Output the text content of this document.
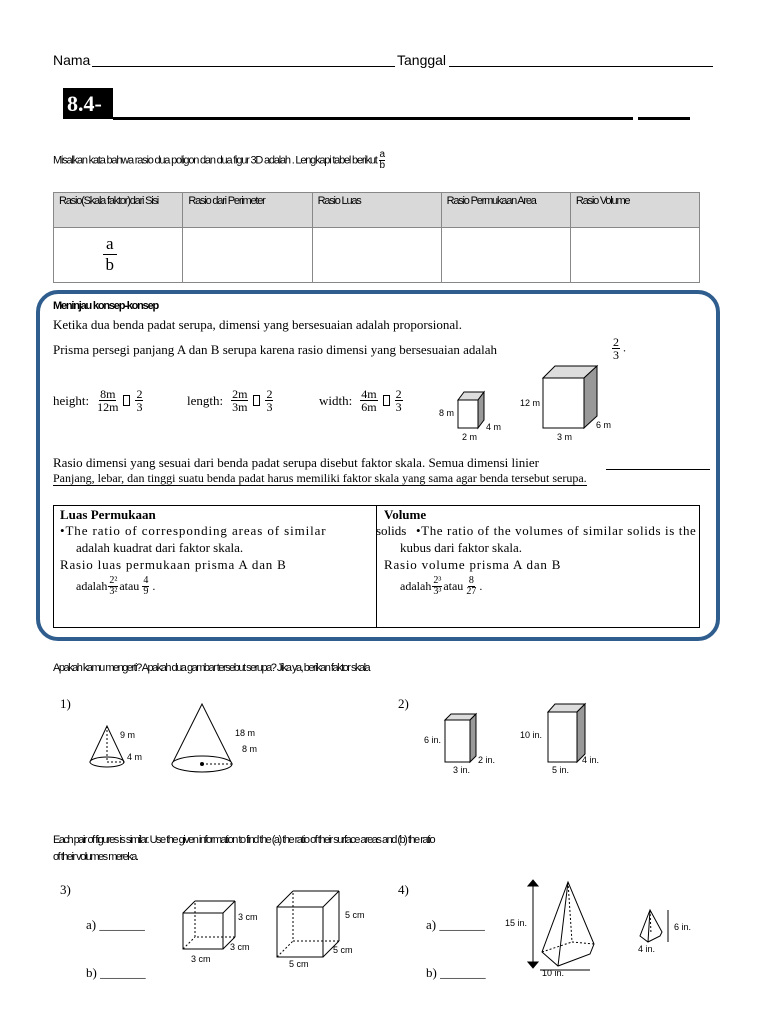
Nama	Tanggal
8.4-
Misalkan kata bahwa rasio dua poligon dan dua figur 3D adalah . Lengkapi tabel berikut $\frac{a}{b}$
Rasio(Skala faktor)dari Sisi	Rasio dari Perimeter	Rasio Luas	Rasio Permukaan Area	Rasio Volume

$\frac{a}{b}$

Meninjau konsep-konsep
Ketika dua benda padat serupa, dimensi yang bersesuaian adalah proporsional.
Prisma persegi panjang A dan B serupa karena rasio dimensi yang bersesuaian adalah	$\frac{2}{3}$ .
height: $\frac{8m}{12m} \frac{2}{3}$	length: $\frac{2m}{3m} \frac{2}{3}$	width: $\frac{4m}{6m} \frac{2}{3}$	8 m
2 m
4 m
12 m
3 m
6 m
Rasio dimensi yang sesuai dari benda padat serupa disebut faktor skala. Semua dimensi linier
Panjang, lebar, dan tinggi suatu benda padat harus memiliki faktor skala yang sama agar benda tersebut serupa.
Luas Permukaan
•The ratio of corresponding areas of similar
adalah kuadrat dari faktor skala.
Rasio luas permukaan prisma A dan B
adalah $\frac{\text{2²}}{\text{3²}}$ atau $\frac{4}{9}$ .
Volume
solids •The ratio of the volumes of similar solids is the
kubus dari faktor skala.
Rasio volume prisma A dan B
adalah $\frac{\text{2³}}{\text{3³}}$ atau $\frac{8}{27}$ .
Apakah kamu mengerti? Apakah dua gambar tersebut serupa? Jika ya, berikan faktor skala
1)
9 m
4 m
18 m
8 m
2)
6 in.
3 in.
2 in.
10 in.
5 in.
4 in.
Each pair of figures is similar. Use the given information to find the (a) the ratio of their surface areas and (b) the ratio
of their volumes mereka.
3)
a) _______
b) _______
3 cm
3 cm
3 cm
5 cm
5 cm
5 cm
4)
a) _______
b) _______
15 in.
10 in.
6 in.
4 in.
